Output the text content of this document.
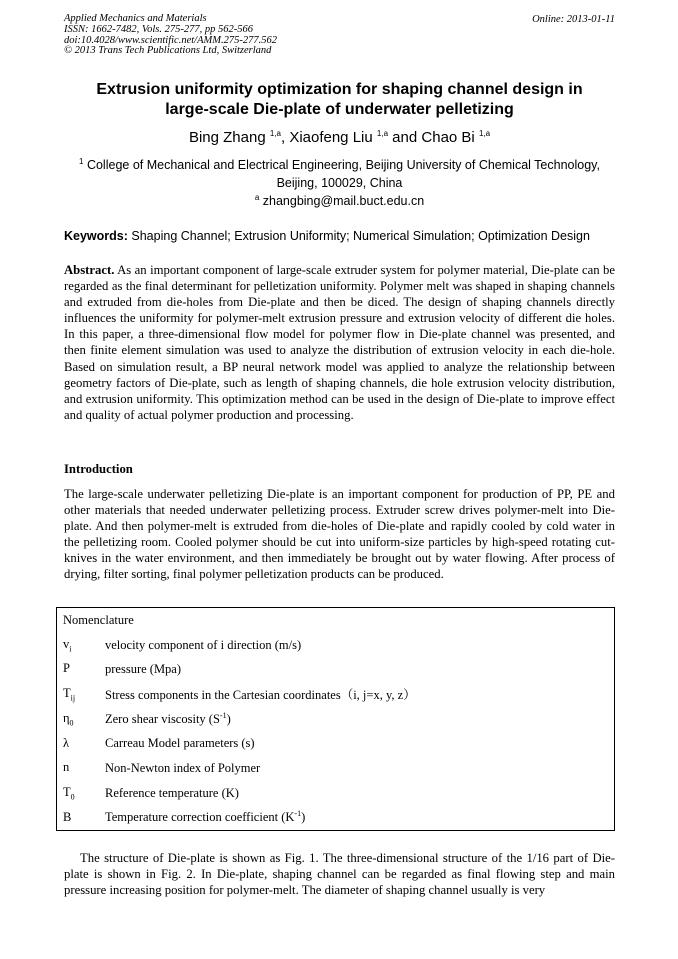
Applied Mechanics and Materials
ISSN: 1662-7482, Vols. 275-277, pp 562-566
doi:10.4028/www.scientific.net/AMM.275-277.562
© 2013 Trans Tech Publications Ltd, Switzerland
Online: 2013-01-11
Extrusion uniformity optimization for shaping channel design in
large-scale Die-plate of underwater pelletizing
Bing Zhang $^{1,a}$, Xiaofeng Liu $^{1,a}$ and Chao Bi $^{1,a}$
$^1$ College of Mechanical and Electrical Engineering, Beijing University of Chemical Technology,
Beijing, 100029, China
$^a$ zhangbing@mail.buct.edu.cn
Keywords: Shaping Channel; Extrusion Uniformity; Numerical Simulation; Optimization Design
Abstract. As an important component of large-scale extruder system for polymer material, Die-plate can be regarded as the final determinant for pelletization uniformity. Polymer melt was shaped in shaping channels and extruded from die-holes from Die-plate and then be diced. The design of shaping channels directly influences the uniformity for polymer-melt extrusion pressure and extrusion velocity of different die holes. In this paper, a three-dimensional flow model for polymer flow in Die-plate channel was presented, and then finite element simulation was used to analyze the distribution of extrusion velocity in each die-hole. Based on simulation result, a BP neural network model was applied to analyze the relationship between geometry factors of Die-plate, such as length of shaping channels, die hole extrusion velocity distribution, and extrusion uniformity. This optimization method can be used in the design of Die-plate to improve effect and quality of actual polymer production and processing.
Introduction
The large-scale underwater pelletizing Die-plate is an important component for production of PP, PE and other materials that needed underwater pelletizing process. Extruder screw drives polymer-melt into Die-plate. And then polymer-melt is extruded from die-holes of Die-plate and rapidly cooled by cold water in the pelletizing room. Cooled polymer should be cut into uniform-size particles by high-speed rotating cut-knives in the water environment, and then immediately be brought out by water flowing. After process of drying, filter sorting, final polymer pelletization products can be produced.
Nomenclature	
$v_i$	velocity component of i direction (m/s)
P	pressure (Mpa)
$T_{ij}$	Stress components in the Cartesian coordinates（i, j=x, y, z）
$\eta_0$	Zero shear viscosity $(S^{-1})$
λ	Carreau Model parameters (s)
n	Non-Newton index of Polymer
$T_0$	Reference temperature (K)
B	Temperature correction coefficient $(K^{-1})$
The structure of Die-plate is shown as Fig. 1. The three-dimensional structure of the 1/16 part of Die-plate is shown in Fig. 2. In Die-plate, shaping channel can be regarded as final flowing step and main pressure increasing position for polymer-melt. The diameter of shaping channel usually is very
